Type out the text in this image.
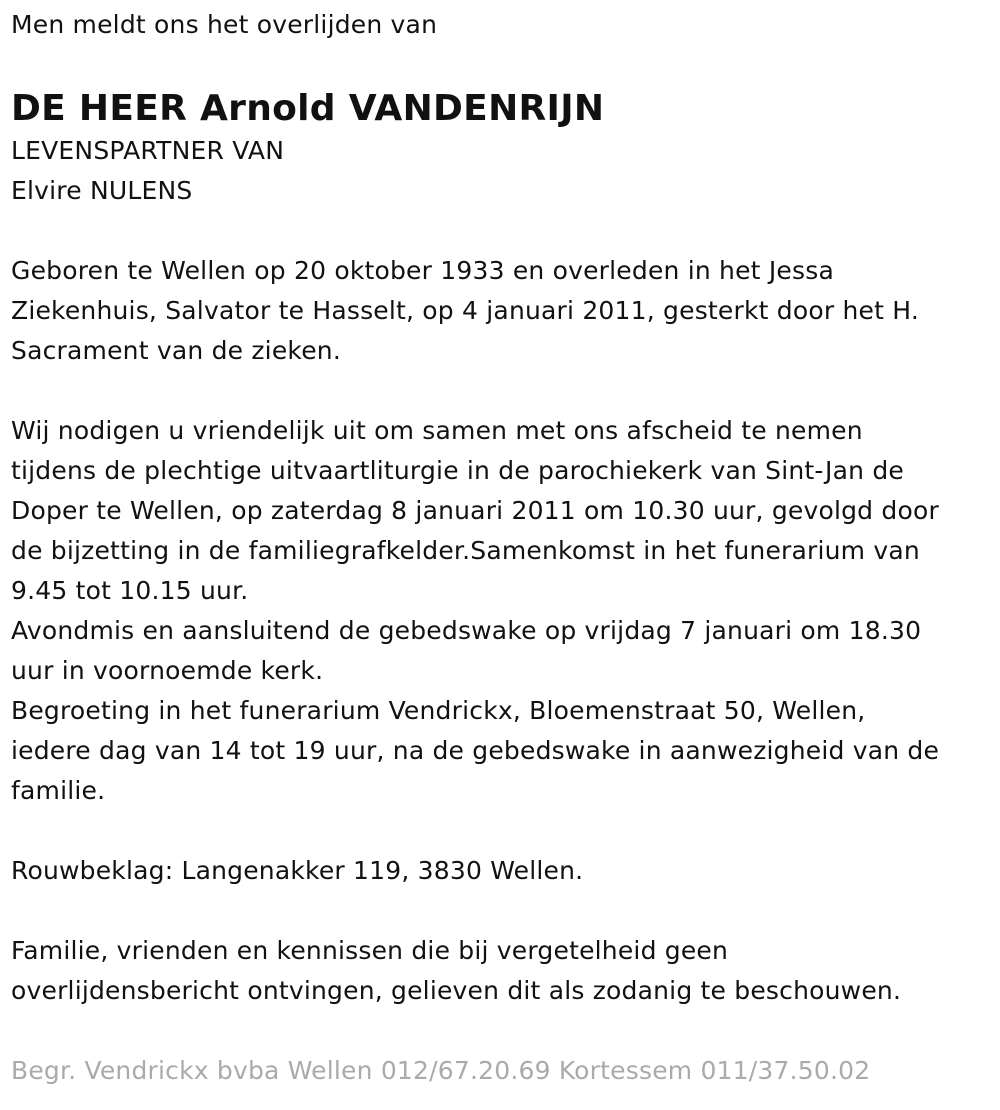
Men meldt ons het overlijden van
DE HEER Arnold VANDENRIJN
LEVENSPARTNER VAN
Elvire NULENS
Geboren te Wellen op 20 oktober 1933 en overleden in het Jessa
Ziekenhuis, Salvator te Hasselt, op 4 januari 2011, gesterkt door het H.
Sacrament van de zieken.
Wij nodigen u vriendelijk uit om samen met ons afscheid te nemen
tijdens de plechtige uitvaartliturgie in de parochiekerk van Sint-Jan de
Doper te Wellen, op zaterdag 8 januari 2011 om 10.30 uur, gevolgd door
de bijzetting in de familiegrafkelder.Samenkomst in het funerarium van
9.45 tot 10.15 uur.
Avondmis en aansluitend de gebedswake op vrijdag 7 januari om 18.30
uur in voornoemde kerk.
Begroeting in het funerarium Vendrickx, Bloemenstraat 50, Wellen,
iedere dag van 14 tot 19 uur, na de gebedswake in aanwezigheid van de
familie.
Rouwbeklag: Langenakker 119, 3830 Wellen.
Familie, vrienden en kennissen die bij vergetelheid geen
overlijdensbericht ontvingen, gelieven dit als zodanig te beschouwen.
Begr. Vendrickx bvba Wellen 012/67.20.69 Kortessem 011/37.50.02
